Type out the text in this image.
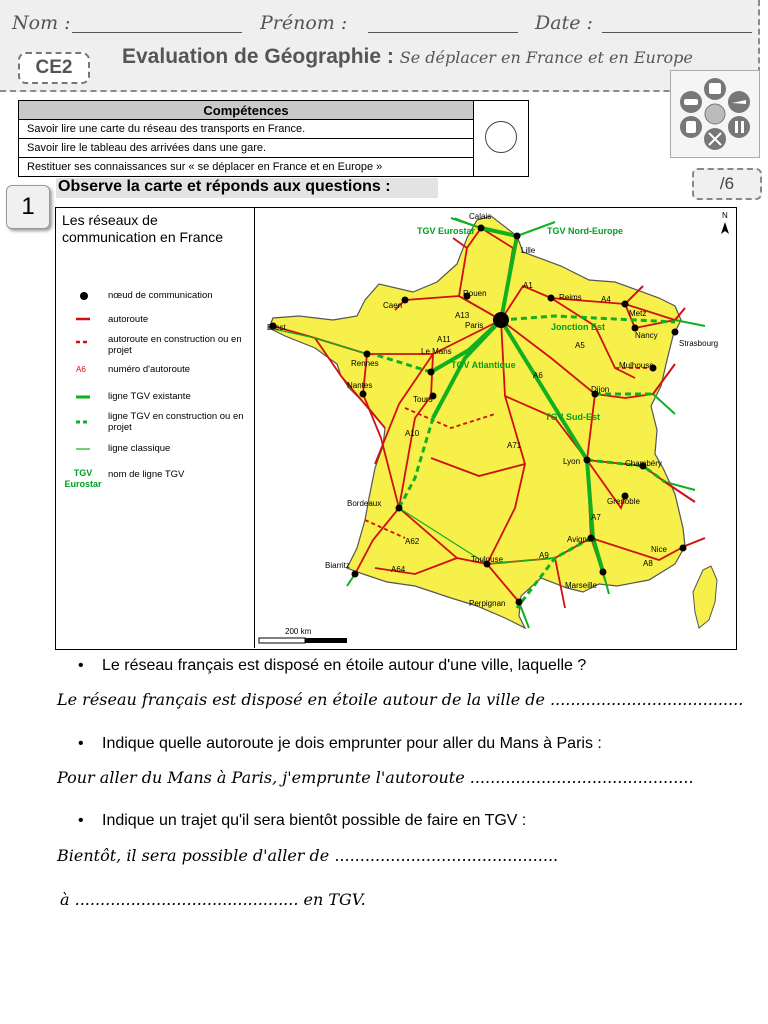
Nom :	Prénom :	Date :
CE2	Evaluation de Géographie : Se déplacer en France et en Europe
Compétences	
Savoir lire une carte du réseau des transports en France.
Savoir lire le tableau des arrivées dans une gare.
Restituer ses connaissances sur « se déplacer en France et en Europe »
1
Observe la carte et réponds aux questions :	/6
Les réseaux de communication en France
nœud de communication
autoroute
autoroute en construction ou en projet
A6 numéro d'autoroute
ligne TGV existante
ligne TGV en construction ou en projet
ligne classique
TGV
Eurostar
nom de ligne TGV
Calais
Lille
Rouen
Caen
Reims
Metz
Nancy
Strasbourg
Brest
Rennes
Le Mans
Paris
Nantes
Tours
Dijon
Mulhouse
Lyon	Chambéry
Grenoble
Bordeaux
Toulouse
Avignon
Marseille
Nice
Biarritz
Perpignan
A1
A4
A13
A11
A5
A10
A6
A71
A7
A62
A9
A64
A8
TGV Eurostar	TGV Nord-Europe
Jonction Est
TGV Atlantique
TGV Sud-Est
N
200 km
• Le réseau français est disposé en étoile autour d'une ville, laquelle ?
Le réseau français est disposé en étoile autour de la ville de ......................................
• Indique quelle autoroute je dois emprunter pour aller du Mans à Paris :
Pour aller du Mans à Paris, j'emprunte l'autoroute ............................................
• Indique un trajet qu'il sera bientôt possible de faire en TGV :
Bientôt, il sera possible d'aller de ............................................
à ............................................ en TGV.
